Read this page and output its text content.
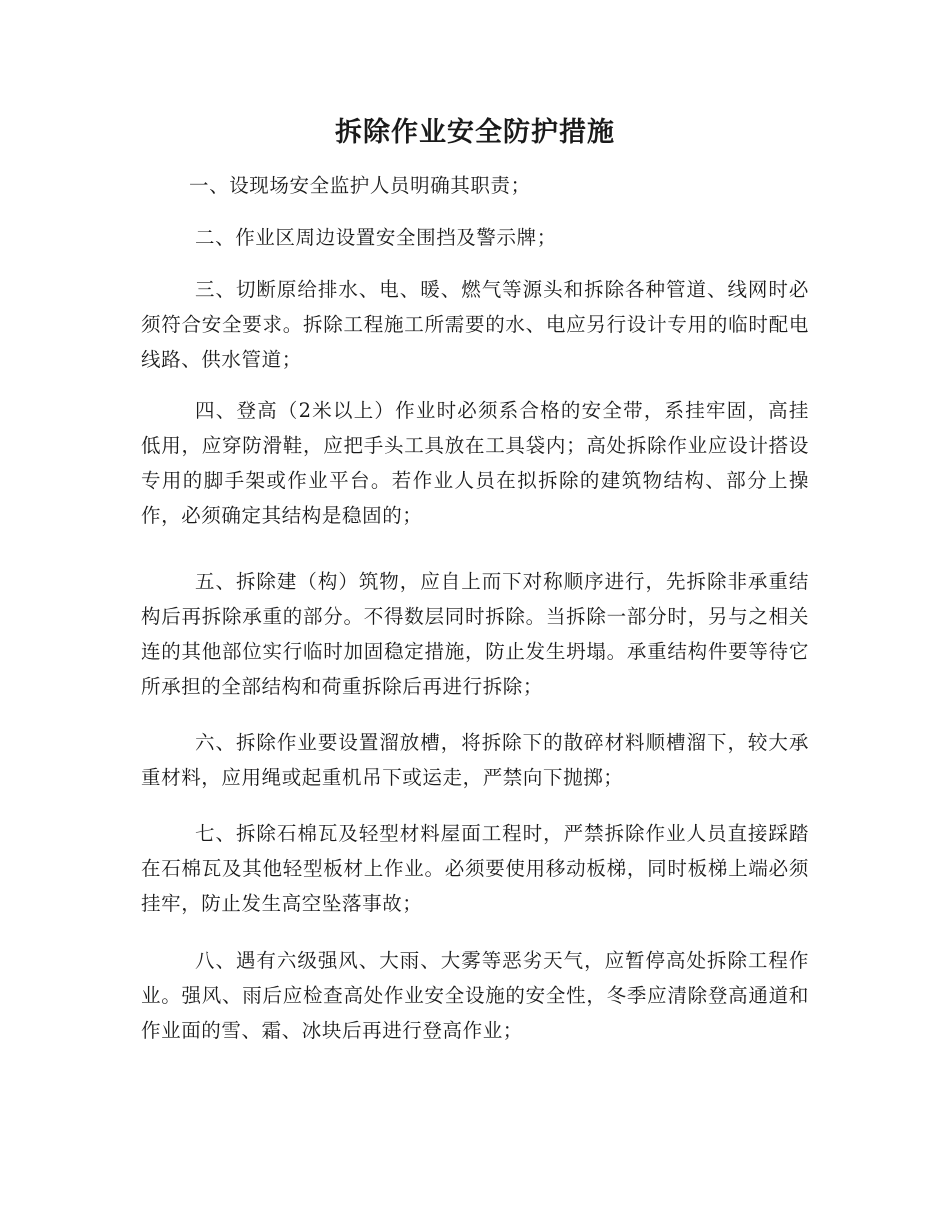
拆除作业安全防护措施

一、设现场安全监护人员明确其职责；

二、作业区周边设置安全围挡及警示牌；

三、切断原给排水、电、暖、燃气等源头和拆除各种管道、线网时必须符合安全要求。拆除工程施工所需要的水、电应另行设计专用的临时配电线路、供水管道；

四、登高（2米以上）作业时必须系合格的安全带，系挂牢固，高挂低用，应穿防滑鞋，应把手头工具放在工具袋内；高处拆除作业应设计搭设专用的脚手架或作业平台。若作业人员在拟拆除的建筑物结构、部分上操作，必须确定其结构是稳固的；

五、拆除建（构）筑物，应自上而下对称顺序进行，先拆除非承重结构后再拆除承重的部分。不得数层同时拆除。当拆除一部分时，另与之相关连的其他部位实行临时加固稳定措施，防止发生坍塌。承重结构件要等待它所承担的全部结构和荷重拆除后再进行拆除；

六、拆除作业要设置溜放槽，将拆除下的散碎材料顺槽溜下，较大承重材料，应用绳或起重机吊下或运走，严禁向下抛掷；

七、拆除石棉瓦及轻型材料屋面工程时，严禁拆除作业人员直接踩踏在石棉瓦及其他轻型板材上作业。必须要使用移动板梯，同时板梯上端必须挂牢，防止发生高空坠落事故；

八、遇有六级强风、大雨、大雾等恶劣天气，应暂停高处拆除工程作业。强风、雨后应检查高处作业安全设施的安全性，冬季应清除登高通道和作业面的雪、霜、冰块后再进行登高作业；
